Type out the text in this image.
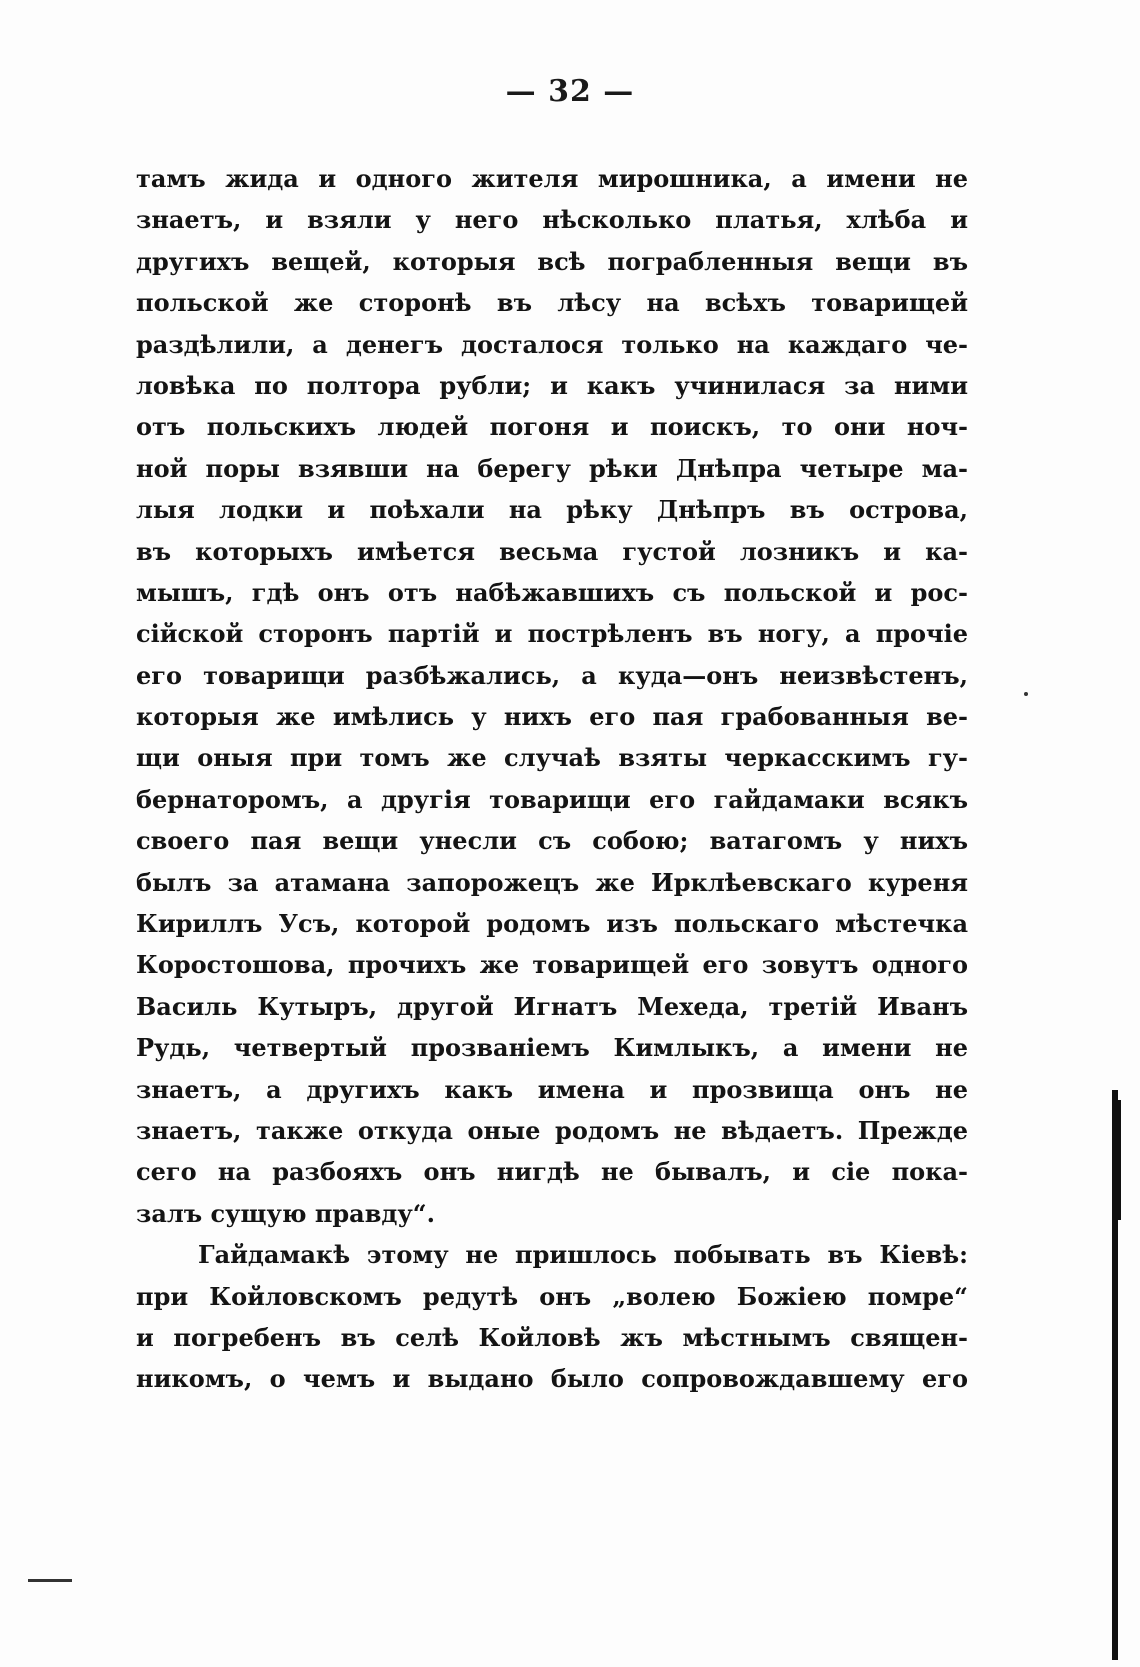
— 32 —
тамъ жида и одного жителя мирошника, а имени не
знаетъ, и взяли у него нѣсколько платья, хлѣба и
другихъ вещей, которыя всѣ пограбленныя вещи въ
польской же сторонѣ въ лѣсу на всѣхъ товарищей
раздѣлили, а денегъ досталося только на каждаго че-
ловѣка по полтора рубли; и какъ учинилася за ними
отъ польскихъ людей погоня и поискъ, то они ноч-
ной поры взявши на берегу рѣки Днѣпра четыре ма-
лыя лодки и поѣхали на рѣку Днѣпръ въ острова,
въ которыхъ имѣется весьма густой лозникъ и ка-
мышъ, гдѣ онъ отъ набѣжавшихъ съ польской и рос-
сійской сторонъ партій и пострѣленъ въ ногу, а прочіе
его товарищи разбѣжались, а куда—онъ неизвѣстенъ,
которыя же имѣлись у нихъ его пая грабованныя ве-
щи оныя при томъ же случаѣ взяты черкасскимъ гу-
бернаторомъ, а другія товарищи его гайдамаки всякъ
своего пая вещи унесли съ собою; ватагомъ у нихъ
былъ за атамана запорожецъ же Ирклѣевскаго куреня
Кириллъ Усъ, которой родомъ изъ польскаго мѣстечка
Коростошова, прочихъ же товарищей его зовутъ одного
Василь Кутыръ, другой Игнатъ Мехеда, третій Иванъ
Рудь, четвертый прозваніемъ Кимлыкъ, а имени не
знаетъ, а другихъ какъ имена и прозвища онъ не
знаетъ, также откуда оные родомъ не вѣдаетъ. Прежде
сего на разбояхъ онъ нигдѣ не бывалъ, и сіе пока-
залъ сущую правду“.
Гайдамакѣ этому не пришлось побывать въ Кіевѣ:
при Койловскомъ редутѣ онъ „волею Божіею помре“
и погребенъ въ селѣ Койловѣ жъ мѣстнымъ священ-
никомъ, о чемъ и выдано было сопровождавшему его
